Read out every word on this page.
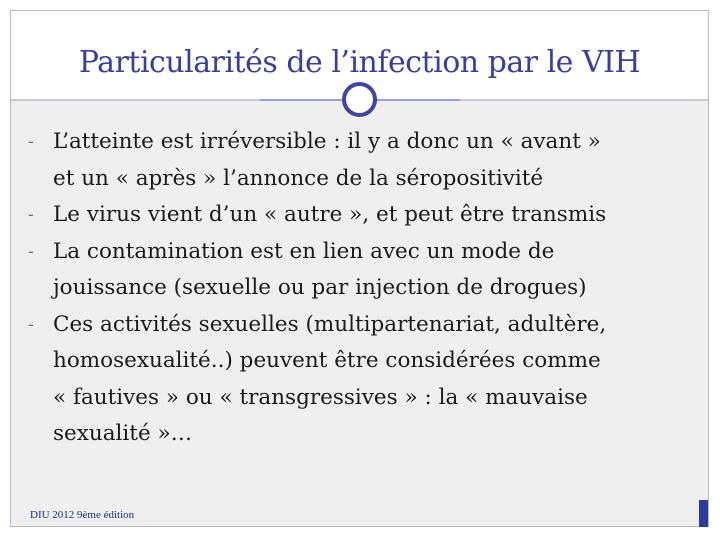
Particularités de l’infection par le VIH
- L’atteinte est irréversible : il y a donc un « avant »
et un « après » l’annonce de la séropositivité
- Le virus vient d’un « autre », et peut être transmis
- La contamination est en lien avec un mode de
jouissance (sexuelle ou par injection de drogues)
- Ces activités sexuelles (multipartenariat, adultère,
homosexualité..) peuvent être considérées comme
« fautives » ou « transgressives » : la « mauvaise
sexualité »…
DIU 2012 9ème édition
